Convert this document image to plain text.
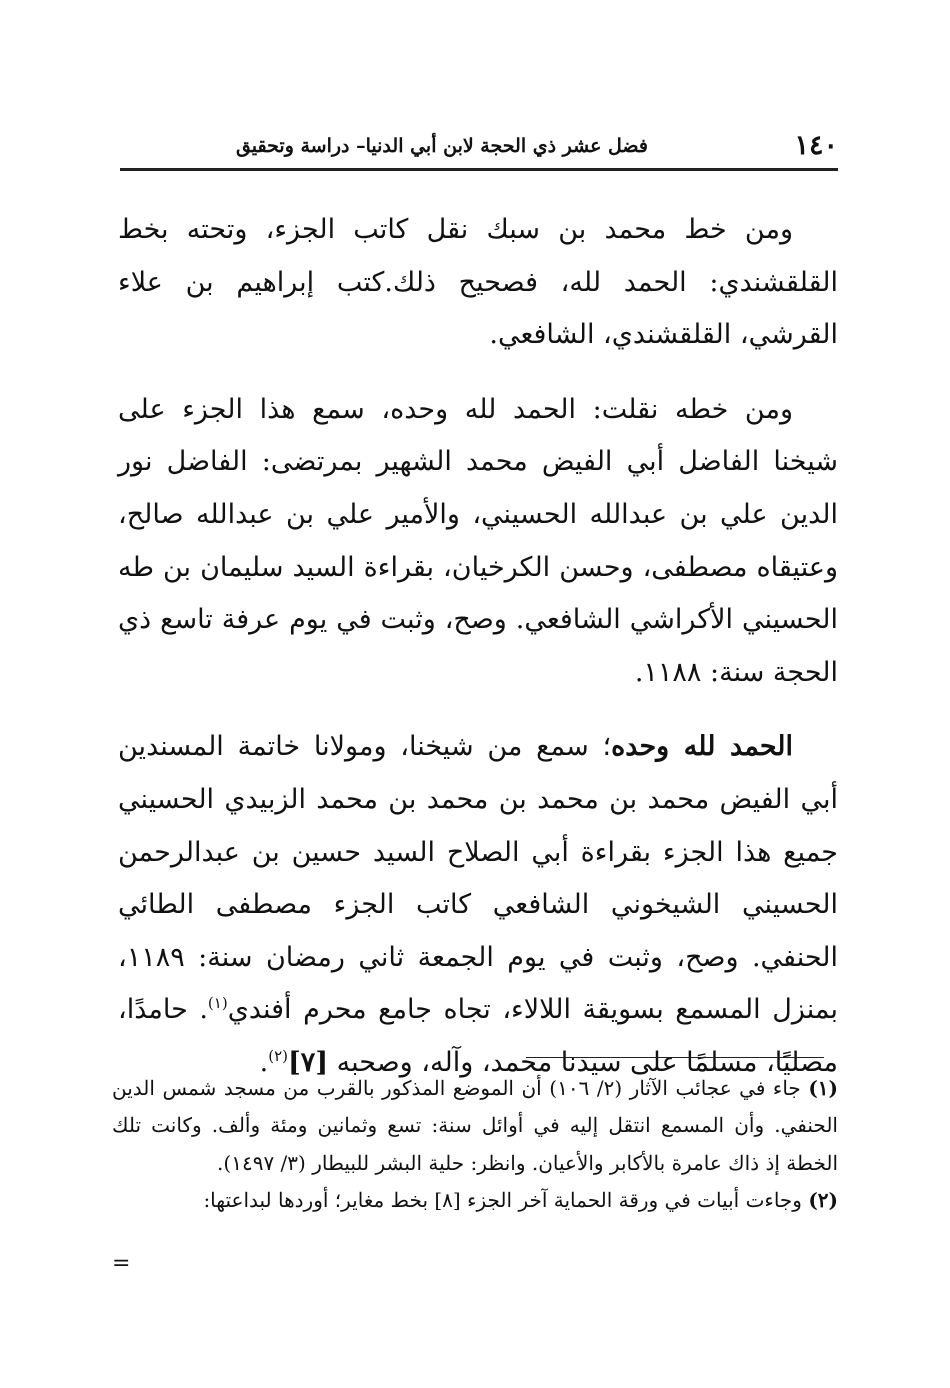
١٤٠
فضل عشر ذي الحجة لابن أبي الدنيا– دراسة وتحقيق

ومن خط محمد بن سبك نقل كاتب الجزء، وتحته بخط القلقشندي: الحمد لله، فصحيح ذلك.كتب إبراهيم بن علاء القرشي، القلقشندي، الشافعي.

ومن خطه نقلت: الحمد لله وحده، سمع هذا الجزء على شيخنا الفاضل أبي الفيض محمد الشهير بمرتضى: الفاضل نور الدين علي بن عبدالله الحسيني، والأمير علي بن عبدالله صالح، وعتيقاه مصطفى، وحسن الكرخيان، بقراءة السيد سليمان بن طه الحسيني الأكراشي الشافعي. وصح، وثبت في يوم عرفة تاسع ذي الحجة سنة: ١١٨٨.

الحمد لله وحده؛ سمع من شيخنا، ومولانا خاتمة المسندين أبي الفيض محمد بن محمد بن محمد بن محمد الزبيدي الحسيني جميع هذا الجزء بقراءة أبي الصلاح السيد حسين بن عبدالرحمن الحسيني الشيخوني الشافعي كاتب الجزء مصطفى الطائي الحنفي. وصح، وثبت في يوم الجمعة ثاني رمضان سنة: ١١٨٩، بمنزل المسمع بسويقة اللالاء، تجاه جامع محرم أفندي$^{(١)}$. حامدًا، مصليًا، مسلمًا على سيدنا محمد، وآله، وصحبه [٧]$^{(٢)}$.

(١) جاء في عجائب الآثار (٢/ ١٠٦) أن الموضع المذكور بالقرب من مسجد شمس الدين الحنفي. وأن المسمع انتقل إليه في أوائل سنة: تسع وثمانين ومئة وألف. وكانت تلك الخطة إذ ذاك عامرة بالأكابر والأعيان. وانظر: حلية البشر للبيطار (٣/ ١٤٩٧).

(٢) وجاءت أبيات في ورقة الحماية آخر الجزء [٨] بخط مغاير؛ أوردها لبداعتها:

=
